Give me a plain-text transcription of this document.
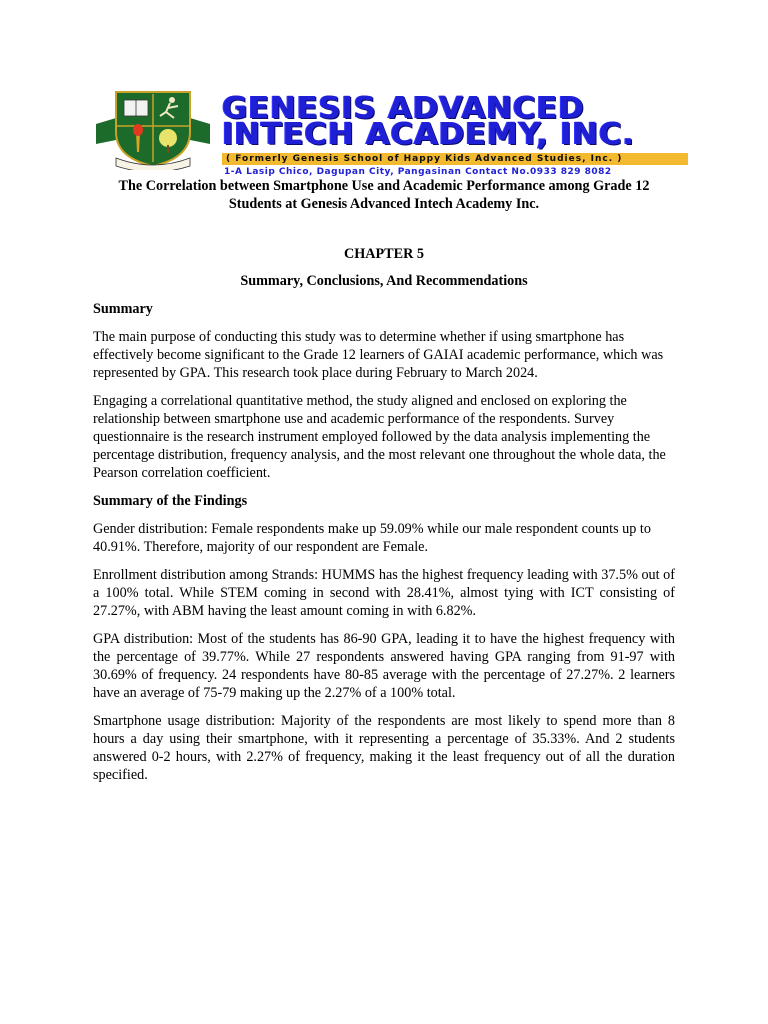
GENESIS ADVANCED
INTECH ACADEMY, INC.
( Formerly Genesis School of Happy Kids Advanced Studies, Inc. )
1-A Lasip Chico, Dagupan City, Pangasinan Contact No.0933 829 8082

The Correlation between Smartphone Use and Academic Performance among Grade 12 Students at Genesis Advanced Intech Academy Inc.

CHAPTER 5

Summary, Conclusions, And Recommendations

Summary

The main purpose of conducting this study was to determine whether if using smartphone has effectively become significant to the Grade 12 learners of GAIAI academic performance, which was represented by GPA. This research took place during February to March 2024.

Engaging a correlational quantitative method, the study aligned and enclosed on exploring the relationship between smartphone use and academic performance of the respondents. Survey questionnaire is the research instrument employed followed by the data analysis implementing the percentage distribution, frequency analysis, and the most relevant one throughout the whole data, the Pearson correlation coefficient.

Summary of the Findings

Gender distribution: Female respondents make up 59.09% while our male respondent counts up to 40.91%. Therefore, majority of our respondent are Female.

Enrollment distribution among Strands: HUMMS has the highest frequency leading with 37.5% out of a 100% total. While STEM coming in second with 28.41%, almost tying with ICT consisting of 27.27%, with ABM having the least amount coming in with 6.82%.

GPA distribution: Most of the students has 86-90 GPA, leading it to have the highest frequency with the percentage of 39.77%. While 27 respondents answered having GPA ranging from 91-97 with 30.69% of frequency. 24 respondents have 80-85 average with the percentage of 27.27%. 2 learners have an average of 75-79 making up the 2.27% of a 100% total.

Smartphone usage distribution: Majority of the respondents are most likely to spend more than 8 hours a day using their smartphone, with it representing a percentage of 35.33%. And 2 students answered 0-2 hours, with 2.27% of frequency, making it the least frequency out of all the duration specified.
